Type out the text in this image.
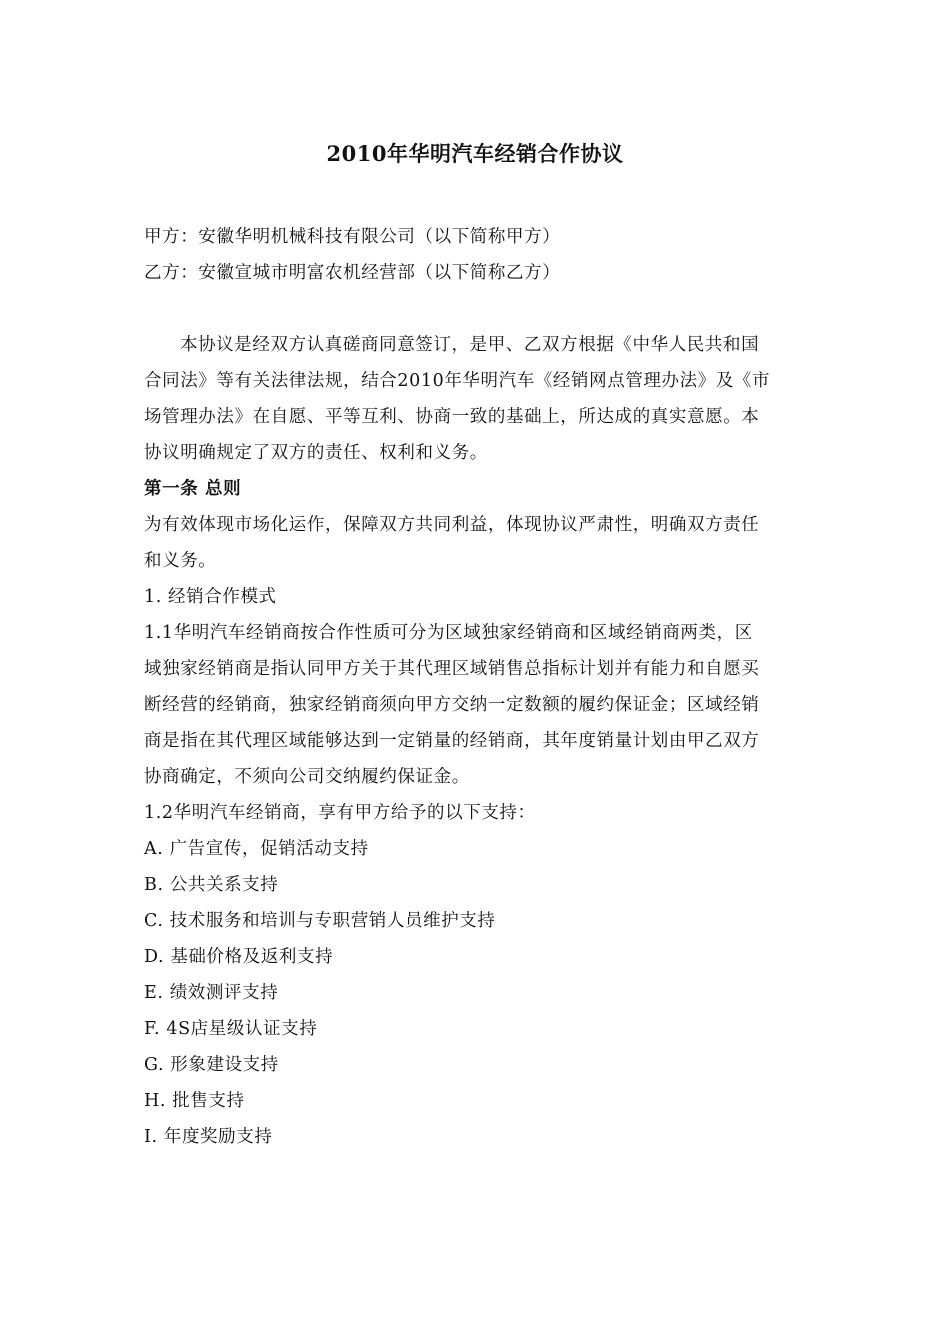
2010年华明汽车经销合作协议
甲方：安徽华明机械科技有限公司（以下简称甲方）
乙方：安徽宣城市明富农机经营部（以下简称乙方）
本协议是经双方认真磋商同意签订，是甲、乙双方根据《中华人民共和国
合同法》等有关法律法规，结合2010年华明汽车《经销网点管理办法》及《市
场管理办法》在自愿、平等互利、协商一致的基础上，所达成的真实意愿。本
协议明确规定了双方的责任、权利和义务。
第一条 总则
为有效体现市场化运作，保障双方共同利益，体现协议严肃性，明确双方责任
和义务。
1. 经销合作模式
1.1华明汽车经销商按合作性质可分为区域独家经销商和区域经销商两类，区
域独家经销商是指认同甲方关于其代理区域销售总指标计划并有能力和自愿买
断经营的经销商，独家经销商须向甲方交纳一定数额的履约保证金；区域经销
商是指在其代理区域能够达到一定销量的经销商，其年度销量计划由甲乙双方
协商确定，不须向公司交纳履约保证金。
1.2华明汽车经销商，享有甲方给予的以下支持：
A. 广告宣传，促销活动支持
B. 公共关系支持
C. 技术服务和培训与专职营销人员维护支持
D. 基础价格及返利支持
E. 绩效测评支持
F. 4S店星级认证支持
G. 形象建设支持
H. 批售支持
I. 年度奖励支持
